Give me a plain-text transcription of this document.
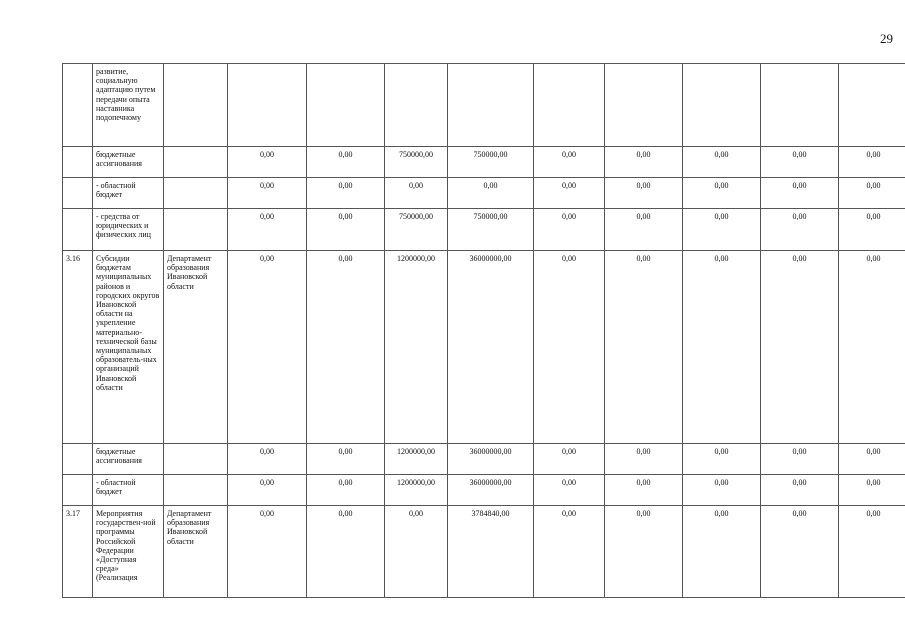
29
	развитие, социальную адаптацию путем передачи опыта наставника подопечному										
	бюджетные ассигнования		0,00	0,00	750000,00	750000,00	0,00	0,00	0,00	0,00	0,00
	- областной бюджет		0,00	0,00	0,00	0,00	0,00	0,00	0,00	0,00	0,00
	- средства от юридических и физических лиц		0,00	0,00	750000,00	750000,00	0,00	0,00	0,00	0,00	0,00
3.16	Субсидии бюджетам муниципальных районов и городских округов Ивановской области на укрепление материально-технической базы муниципальных образователь-ных организаций Ивановской области	Департамент образования Ивановской области	0,00	0,00	1200000,00	36000000,00	0,00	0,00	0,00	0,00	0,00
	бюджетные ассигнования		0,00	0,00	1200000,00	36000000,00	0,00	0,00	0,00	0,00	0,00
	- областной бюджет		0,00	0,00	1200000,00	36000000,00	0,00	0,00	0,00	0,00	0,00
3.17	Мероприятия государствен-ной программы Российской Федерации «Доступная среда» (Реализация	Департамент образования Ивановской области	0,00	0,00	0,00	3784840,00	0,00	0,00	0,00	0,00	0,00
